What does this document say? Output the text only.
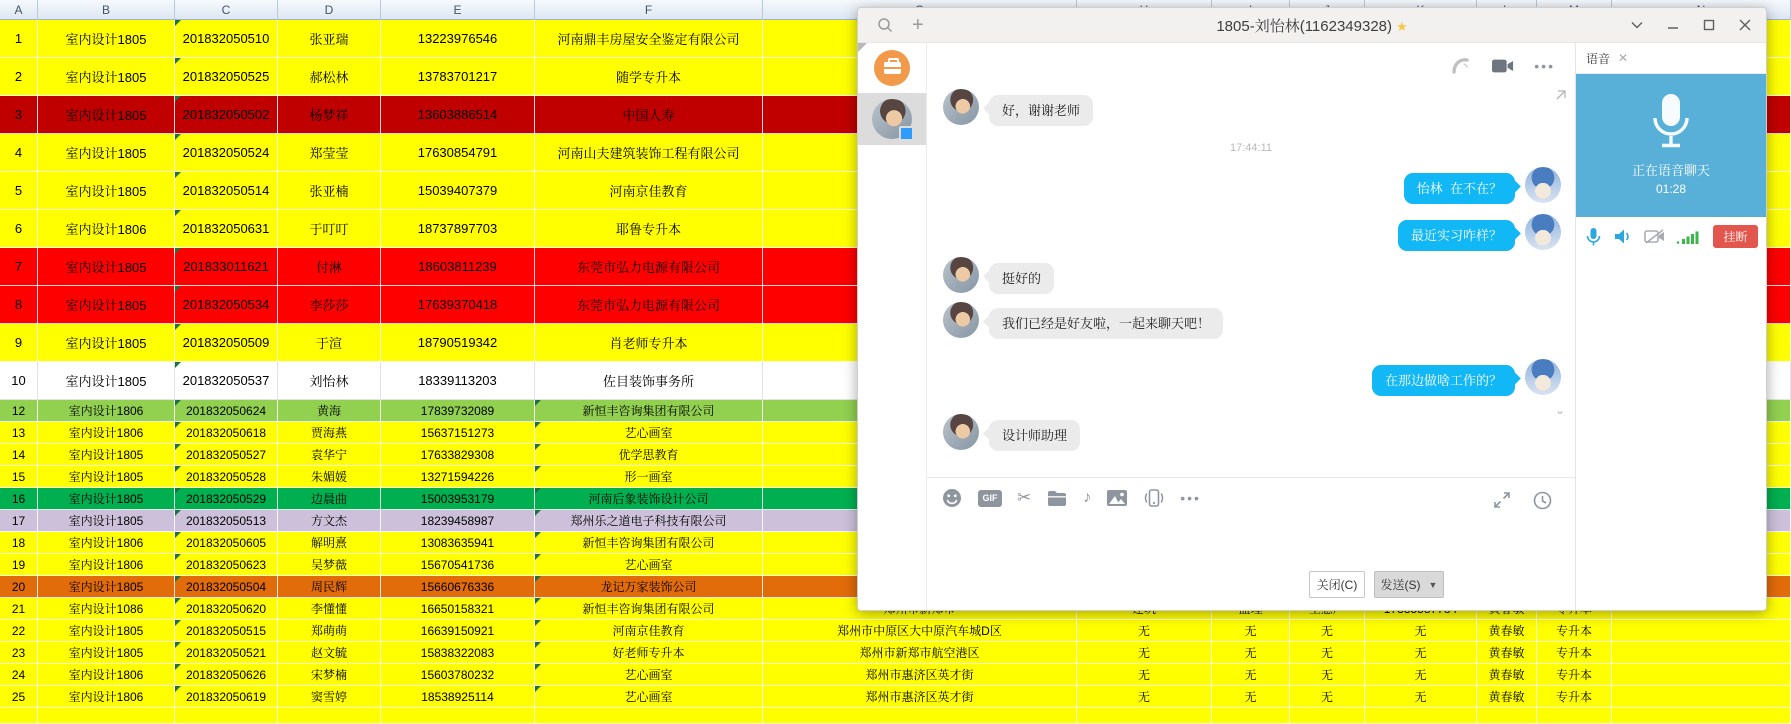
A	B	C	D	E	F								
1	室内设计1805	201832050510	张亚瑞	13223976546	河南鼎丰房屋安全鉴定有限公司								
2	室内设计1805	201832050525	郝松林	13783701217	随学专升本								
3	室内设计1805	201832050502	杨梦祥	13603886514	中国人寿								
4	室内设计1805	201832050524	郑莹莹	17630854791	河南山夫建筑装饰工程有限公司								
5	室内设计1805	201832050514	张亚楠	15039407379	河南京佳教育								
6	室内设计1806	201832050631	于叮叮	18737897703	耶鲁专升本								
7	室内设计1805	201833011621	付淋	18603811239	东莞市弘力电源有限公司								
8	室内设计1805	201832050534	李莎莎	17639370418	东莞市弘力电源有限公司								
9	室内设计1805	201832050509	于渲	18790519342	肖老师专升本								
10	室内设计1805	201832050537	刘怡林	18339113203	佐目装饰事务所								
12	室内设计1806	201832050624	黄海	17839732089	新恒丰咨询集团有限公司								
13	室内设计1806	201832050618	贾海燕	15637151273	艺心画室								
14	室内设计1805	201832050527	袁华宁	17633829308	优学思教育								
15	室内设计1805	201832050528	朱媚媛	13271594226	形一画室								
16	室内设计1805	201832050529	边晨曲	15003953179	河南后象装饰设计公司								
17	室内设计1805	201832050513	方文杰	18239458987	郑州乐之道电子科技有限公司								
18	室内设计1806	201832050605	解明熹	13083635941	新恒丰咨询集团有限公司								
19	室内设计1806	201832050623	吴梦薇	15670541736	艺心画室								
20	室内设计1805	201832050504	周民辉	15660676336	龙记万家装饰公司								
21	室内设计1086	201832050620	李懂懂	16650158321	新恒丰咨询集团有限公司								
22	室内设计1805	201832050515	郑萌萌	16639150921	河南京佳教育	郑州市中原区大中原汽车城D区	无	无	无	无	黄春敏	专升本	
23	室内设计1805	201832050521	赵文毓	15838322083	好老师专升本	郑州市新郑市航空港区	无	无	无	无	黄春敏	专升本	
24	室内设计1806	201832050626	宋梦楠	15603780232	艺心画室	郑州市惠济区英才街	无	无	无	无	黄春敏	专升本	
25	室内设计1806	201832050619	窦雪婷	18538925114	艺心画室	郑州市惠济区英才街	无	无	无	无	黄春敏	专升本	

+	1805-刘怡林(1162349328) ★
•••
好，谢谢老师
怡林  在不在？
最近实习咋样？
挺好的
我们已经是好友啦，一起来聊天吧！
在那边做啥工作的？
设计师助理
17:44:11
⌄
GIF ✂	♪	•••
关闭(C)	发送(S) ▼
语音 ✕
正在语音聊天
01:28
挂断
